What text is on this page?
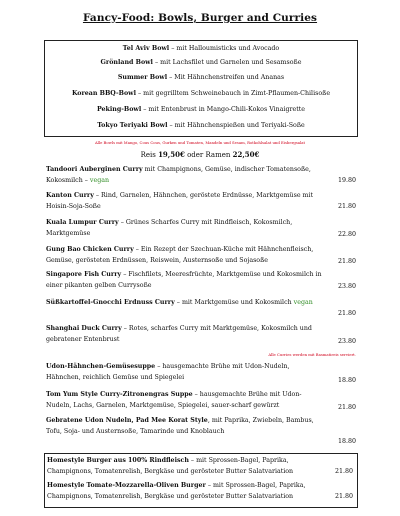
Fancy-Food: Bowls, Burger and Curries
Tel Aviv Bowl – mit Halloumisticks und Avocado
Grönland Bowl – mit Lachsfilet und Garnelen und Sesamsoße
Summer Bowl – Mit Hähnchenstreifen und Ananas
Korean BBQ-Bowl – mit gegrilltem Schweinebauch in Zimt-Pflaumen-Chilisoße
Peking-Bowl – mit Entenbrust in Mango-Chili-Kokos Vinaigrette
Tokyo Teriyaki Bowl – mit Hähnchenspießen und Teriyaki-Soße
Alle Bowls mit Mango, Cous Cous, Gurken und Tomaten, Mandeln und Sesam, Rotkohlsalat und Eisbergsalat
Reis 19,50€ oder Ramen 22,50€
Tandoori Auberginen Curry mit Champignons, Gemüse, indischer Tomatensoße,
Kokosmilch – vegan	19.80
Kanton Curry – Rind, Garnelen, Hähnchen, geröstete Erdnüsse, Marktgemüse mit
Hoisin-Soja-Soße	21.80
Kuala Lumpur Curry – Grünes Scharfes Curry mit Rindfleisch, Kokosmilch,
Marktgemüse	22.80
Gung Bao Chicken Curry – Ein Rezept der Szechuan-Küche mit Hähnchenfleisch,
Gemüse, gerösteten Erdnüssen, Reiswein, Austernsoße und Sojasoße	21.80
Singapore Fish Curry – Fischfilets, Meeresfrüchte, Marktgemüse und Kokosmilch in
einer pikanten gelben Currysoße	23.80
Süßkartoffel-Gnocchi Erdnuss Curry – mit Marktgemüse und Kokosmilch vegan
21.80
Shanghai Duck Curry – Rotes, scharfes Curry mit Marktgemüse, Kokosmilch und
gebratener Entenbrust	23.80
Alle Curries werden mit Basmatireis serviert.
Udon-Hähnchen-Gemüsesuppe – hausgemachte Brühe mit Udon-Nudeln,
Hähnchen, reichlich Gemüse und Spiegelei	18.80
Tom Yum Style Curry-Zitronengras Suppe – hausgemachte Brühe mit Udon-
Nudeln, Lachs, Garnelen, Marktgemüse, Spiegelei, sauer-scharf gewürzt	21.80
Gebratene Udon Nudeln, Pad Mee Korat Style, mit Paprika, Zwiebeln, Bambus,
Tofu, Soja- und Austernsoße, Tamarinde und Knoblauch
18.80
Homestyle Burger aus 100% Rindfleisch – mit Sprossen-Bagel, Paprika,
Champignons, Tomatenrelish, Bergkäse und gerösteter Butter Salatvariation	21.80
Homestyle Tomate-Mozzarella-Oliven Burger – mit Sprossen-Bagel, Paprika,
Champignons, Tomatenrelish, Bergkäse und gerösteter Butter Salatvariation	21.80
